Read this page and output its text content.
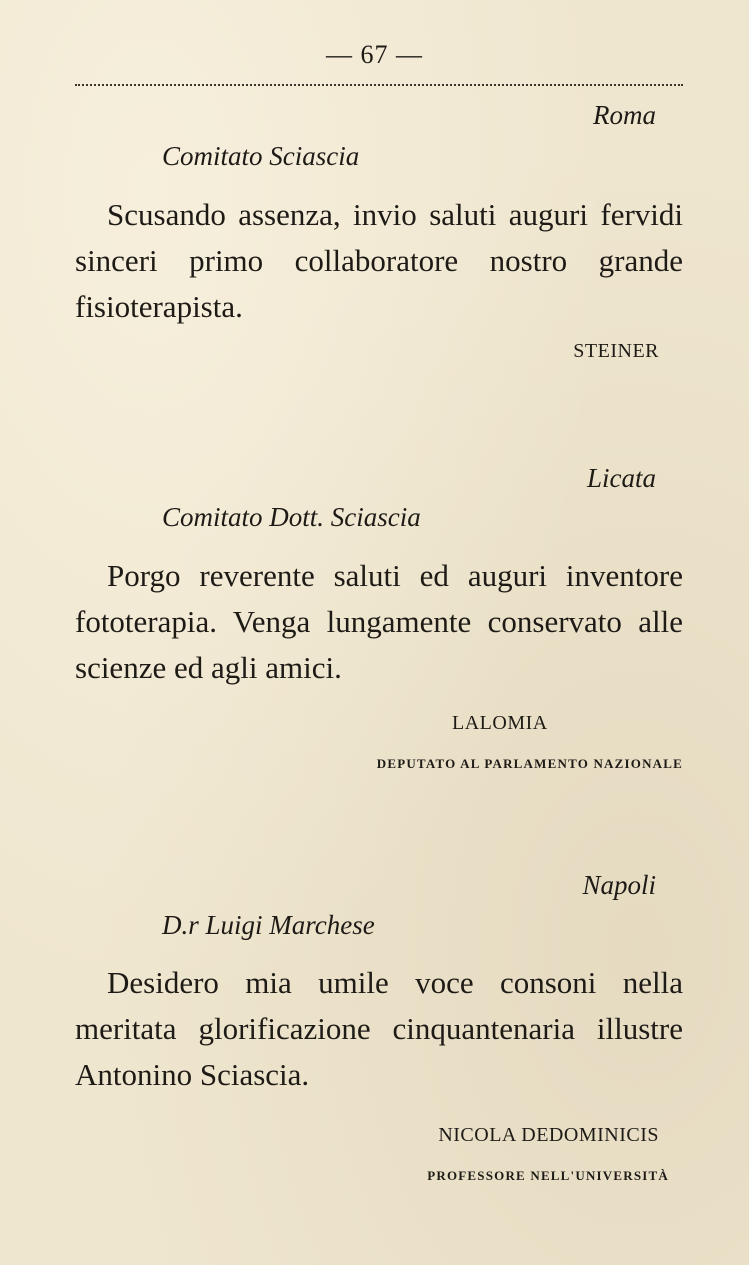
— 67 —
Roma
Comitato Sciascia
Scusando assenza, invio saluti auguri fervidi sinceri primo collaboratore nostro grande fisioterapista.
STEINER
Licata
Comitato Dott. Sciascia
Porgo reverente saluti ed auguri inventore fototerapia. Venga lungamente conservato alle scienze ed agli amici.
LALOMIA
DEPUTATO AL PARLAMENTO NAZIONALE
Napoli
D.r Luigi Marchese
Desidero mia umile voce consoni nella meritata glorificazione cinquantenaria illustre Antonino Sciascia.
NICOLA DEDOMINICIS
PROFESSORE NELL'UNIVERSITÀ
